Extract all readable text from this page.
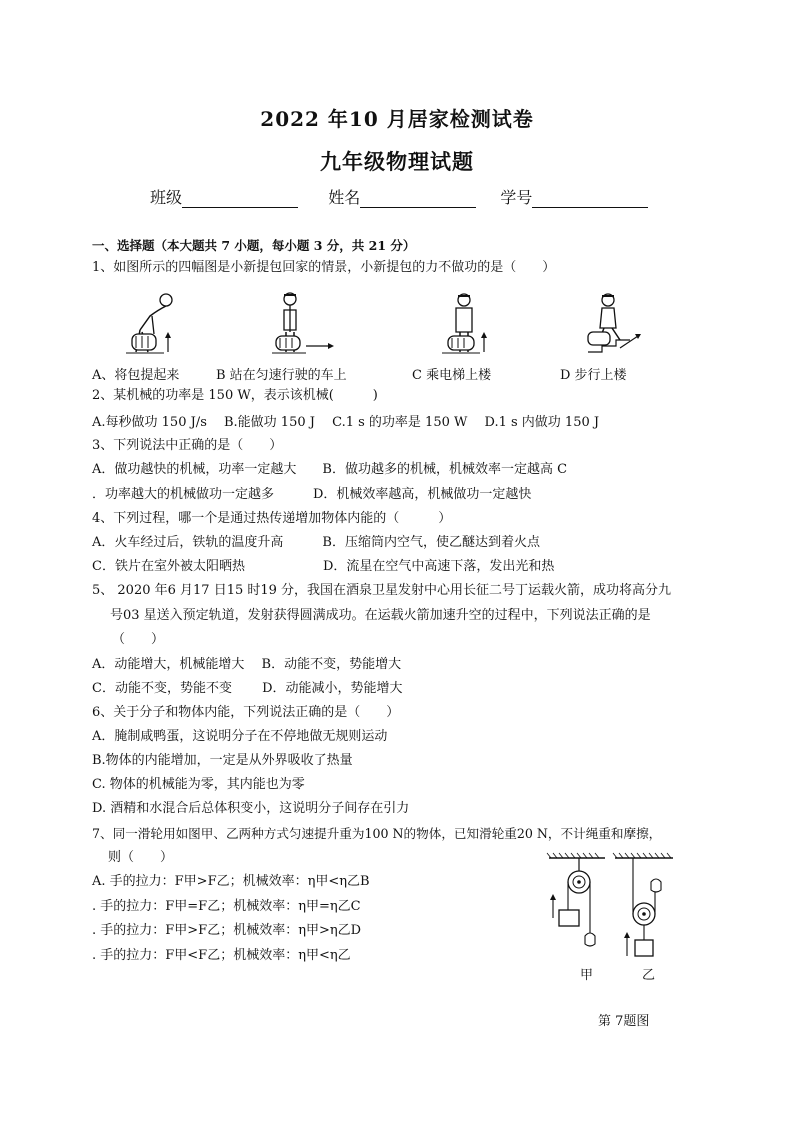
2022 年10 月居家检测试卷
九年级物理试题
班级	姓名	学号
一、选择题（本大题共 7 小题，每小题 3 分，共 21 分）
1、如图所示的四幅图是小新提包回家的情景，小新提包的力不做功的是（　　）
A、将包提起来	B 站在匀速行驶的车上	C 乘电梯上楼	D 步行上楼
2、某机械的功率是 150 W，表示该机械(　　　)
A.每秒做功 150 J/s　 B.能做功 150 J　 C.1 s 的功率是 150 W　 D.1 s 内做功 150 J
3、下列说法中正确的是（　　）
A．做功越快的机械，功率一定越大　　B．做功越多的机械，机械效率一定越高 C
．功率越大的机械做功一定越多　　　D．机械效率越高，机械做功一定越快
4、下列过程，哪一个是通过热传递增加物体内能的（　　　）
A．火车经过后，铁轨的温度升高　　　B．压缩筒内空气，使乙醚达到着火点
C．铁片在室外被太阳晒热　　　　　　D．流星在空气中高速下落，发出光和热
5、 2020 年6 月17 日15 时19 分，我国在酒泉卫星发射中心用长征二号丁运载火箭，成功将高分九
号03 星送入预定轨道，发射获得圆满成功。在运载火箭加速升空的过程中，下列说法正确的是
（　　）
A．动能增大，机械能增大　 B．动能不变，势能增大
C．动能不变，势能不变　　 D．动能减小，势能增大
6、关于分子和物体内能，下列说法正确的是（　　）
A．腌制咸鸭蛋，这说明分子在不停地做无规则运动
B.物体的内能增加，一定是从外界吸收了热量
C. 物体的机械能为零，其内能也为零
D. 酒精和水混合后总体积变小，这说明分子间存在引力
7、同一滑轮用如图甲、乙两种方式匀速提升重为100 N的物体，已知滑轮重20 N，不计绳重和摩擦，
则（　　）
A. 手的拉力：F甲>F乙；机械效率：η甲<η乙B
. 手的拉力：F甲=F乙；机械效率：η甲=η乙C
. 手的拉力：F甲>F乙；机械效率：η甲>η乙D
. 手的拉力：F甲<F乙；机械效率：η甲<η乙
甲	乙
第 7题图
